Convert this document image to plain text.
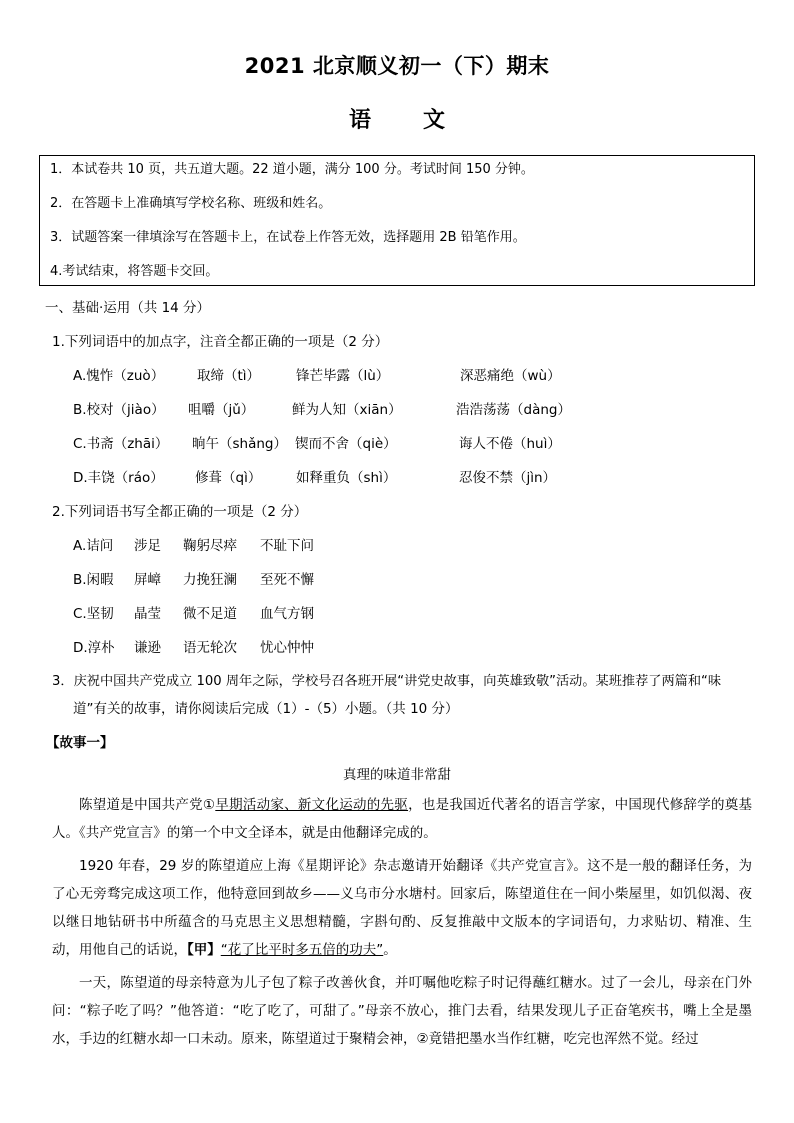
2021 北京顺义初一（下）期末
语 文
1．本试卷共 10 页，共五道大题。22 道小题，满分 100 分。考试时间 150 分钟。
2．在答题卡上准确填写学校名称、班级和姓名。
3．试题答案一律填涂写在答题卡上，在试卷上作答无效，选择题用 2B 铅笔作用。
4.考试结束，将答题卡交回。
一、基础·运用（共 14 分）
1.下列词语中的加点字，注音全都正确的一项是（2 分）
A.愧怍（zuò） 取缔（tì）	锋芒毕露（lù）	深恶痛绝（wù）
B.校对（jiào） 咀嚼（jǔ）	鲜为人知（xiān）	浩浩荡荡（dàng）
C.书斋（zhāi） 晌午（shǎng） 锲而不舍（qiè）	诲人不倦（huì）
D.丰饶（ráo） 修葺（qì）	如释重负（shì）	忍俊不禁（jìn）
2.下列词语书写全都正确的一项是（2 分）
A.诘问 涉足 鞠躬尽瘁 不耻下问
B.闲暇 屏嶂 力挽狂澜 至死不懈
C.坚韧 晶莹 微不足道 血气方钢
D.淳朴 谦逊 语无轮次 忧心忡忡
3．庆祝中国共产党成立 100 周年之际，学校号召各班开展“讲党史故事，向英雄致敬”活动。某班推荐了两篇和“味
道”有关的故事，请你阅读后完成（1）-（5）小题。（共 10 分）
【故事一】
真理的味道非常甜
陈望道是中国共产党①早期活动家、新文化运动的先驱，也是我国近代著名的语言学家，中国现代修辞学的奠基人。《共产党宣言》的第一个中文全译本，就是由他翻译完成的。
1920 年春，29 岁的陈望道应上海《星期评论》杂志邀请开始翻译《共产党宣言》。这不是一般的翻译任务，为了心无旁骛完成这项工作，他特意回到故乡——义乌市分水塘村。回家后，陈望道住在一间小柴屋里，如饥似渴、夜以继日地钻研书中所蕴含的马克思主义思想精髓，字斟句酌、反复推敲中文版本的字词语句，力求贴切、精准、生动，用他自己的话说，【甲】“花了比平时多五倍的功夫”。
一天，陈望道的母亲特意为儿子包了粽子改善伙食，并叮嘱他吃粽子时记得蘸红糖水。过了一会儿，母亲在门外问：“粽子吃了吗？”他答道：“吃了吃了，可甜了。”母亲不放心，推门去看，结果发现儿子正奋笔疾书，嘴上全是墨水，手边的红糖水却一口未动。原来，陈望道过于聚精会神，②竟错把墨水当作红糖，吃完也浑然不觉。经过
